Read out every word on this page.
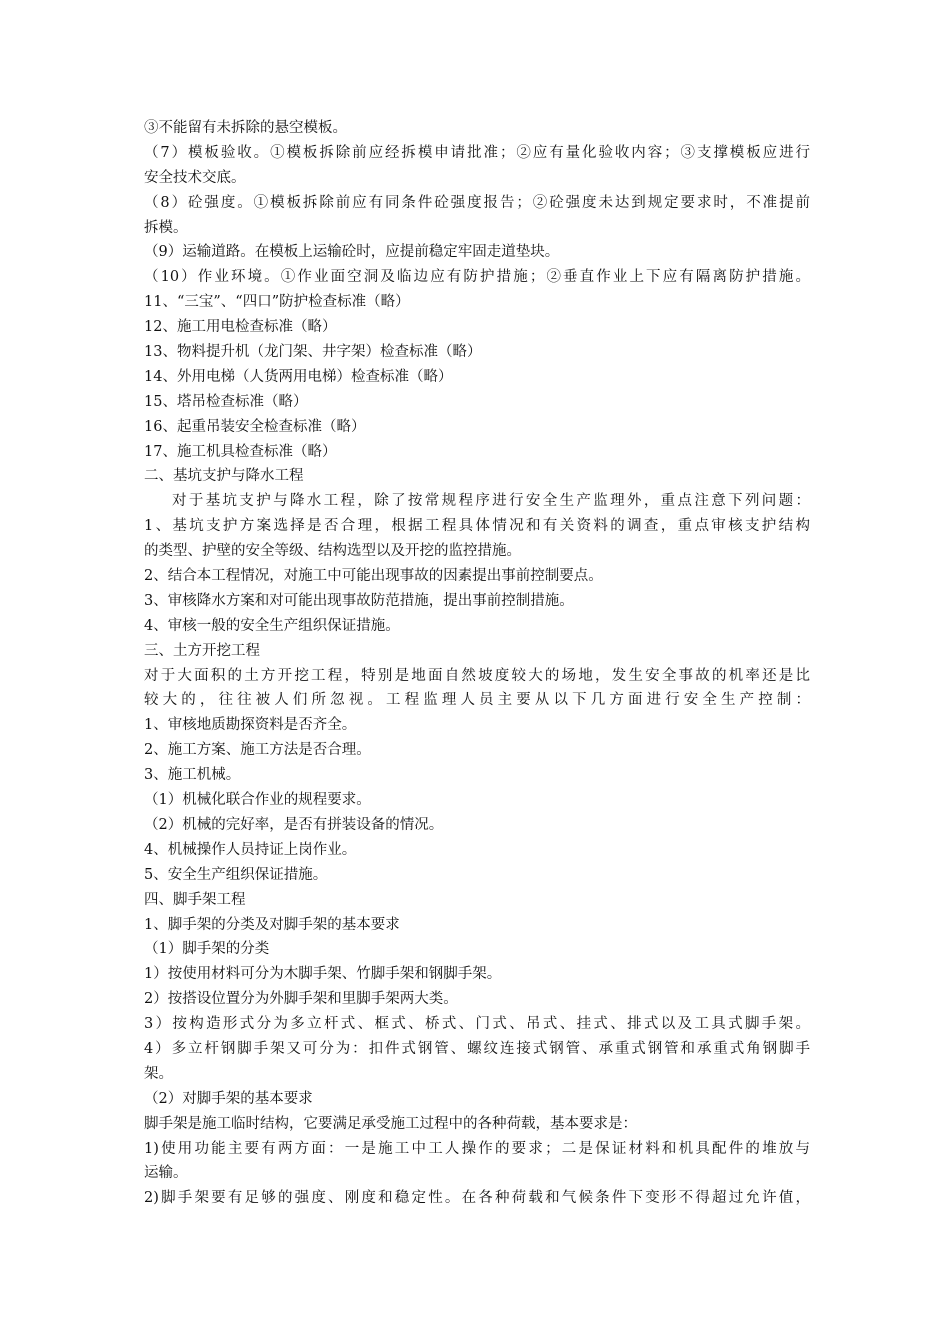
③不能留有未拆除的悬空模板。
（7）模板验收。①模板拆除前应经拆模申请批准；②应有量化验收内容；③支撑模板应进行
安全技术交底。
（8）砼强度。①模板拆除前应有同条件砼强度报告；②砼强度未达到规定要求时，不准提前
拆模。
（9）运输道路。在模板上运输砼时，应提前稳定牢固走道垫块。
（10）作业环境。①作业面空洞及临边应有防护措施；②垂直作业上下应有隔离防护措施。
11、“三宝”、“四口”防护检查标准（略）
12、施工用电检查标准（略）
13、物料提升机（龙门架、井字架）检查标准（略）
14、外用电梯（人货两用电梯）检查标准（略）
15、塔吊检查标准（略）
16、起重吊装安全检查标准（略）
17、施工机具检查标准（略）
二、基坑支护与降水工程
对于基坑支护与降水工程，除了按常规程序进行安全生产监理外，重点注意下列问题：
1、基坑支护方案选择是否合理，根据工程具体情况和有关资料的调查，重点审核支护结构
的类型、护壁的安全等级、结构选型以及开挖的监控措施。
2、结合本工程情况，对施工中可能出现事故的因素提出事前控制要点。
3、审核降水方案和对可能出现事故防范措施，提出事前控制措施。
4、审核一般的安全生产组织保证措施。
三、土方开挖工程
对于大面积的土方开挖工程，特别是地面自然坡度较大的场地，发生安全事故的机率还是比
较大的，往往被人们所忽视。工程监理人员主要从以下几方面进行安全生产控制：
1、审核地质勘探资料是否齐全。
2、施工方案、施工方法是否合理。
3、施工机械。
（1）机械化联合作业的规程要求。
（2）机械的完好率，是否有拼装设备的情况。
4、机械操作人员持证上岗作业。
5、安全生产组织保证措施。
四、脚手架工程
1、脚手架的分类及对脚手架的基本要求
（1）脚手架的分类
1）按使用材料可分为木脚手架、竹脚手架和钢脚手架。
2）按搭设位置分为外脚手架和里脚手架两大类。
3）按构造形式分为多立杆式、框式、桥式、门式、吊式、挂式、排式以及工具式脚手架。
4）多立杆钢脚手架又可分为：扣件式钢管、螺纹连接式钢管、承重式钢管和承重式角钢脚手
架。
（2）对脚手架的基本要求
脚手架是施工临时结构，它要满足承受施工过程中的各种荷载，基本要求是：
1)使用功能主要有两方面：一是施工中工人操作的要求；二是保证材料和机具配件的堆放与
运输。
2)脚手架要有足够的强度、刚度和稳定性。在各种荷载和气候条件下变形不得超过允许值，
